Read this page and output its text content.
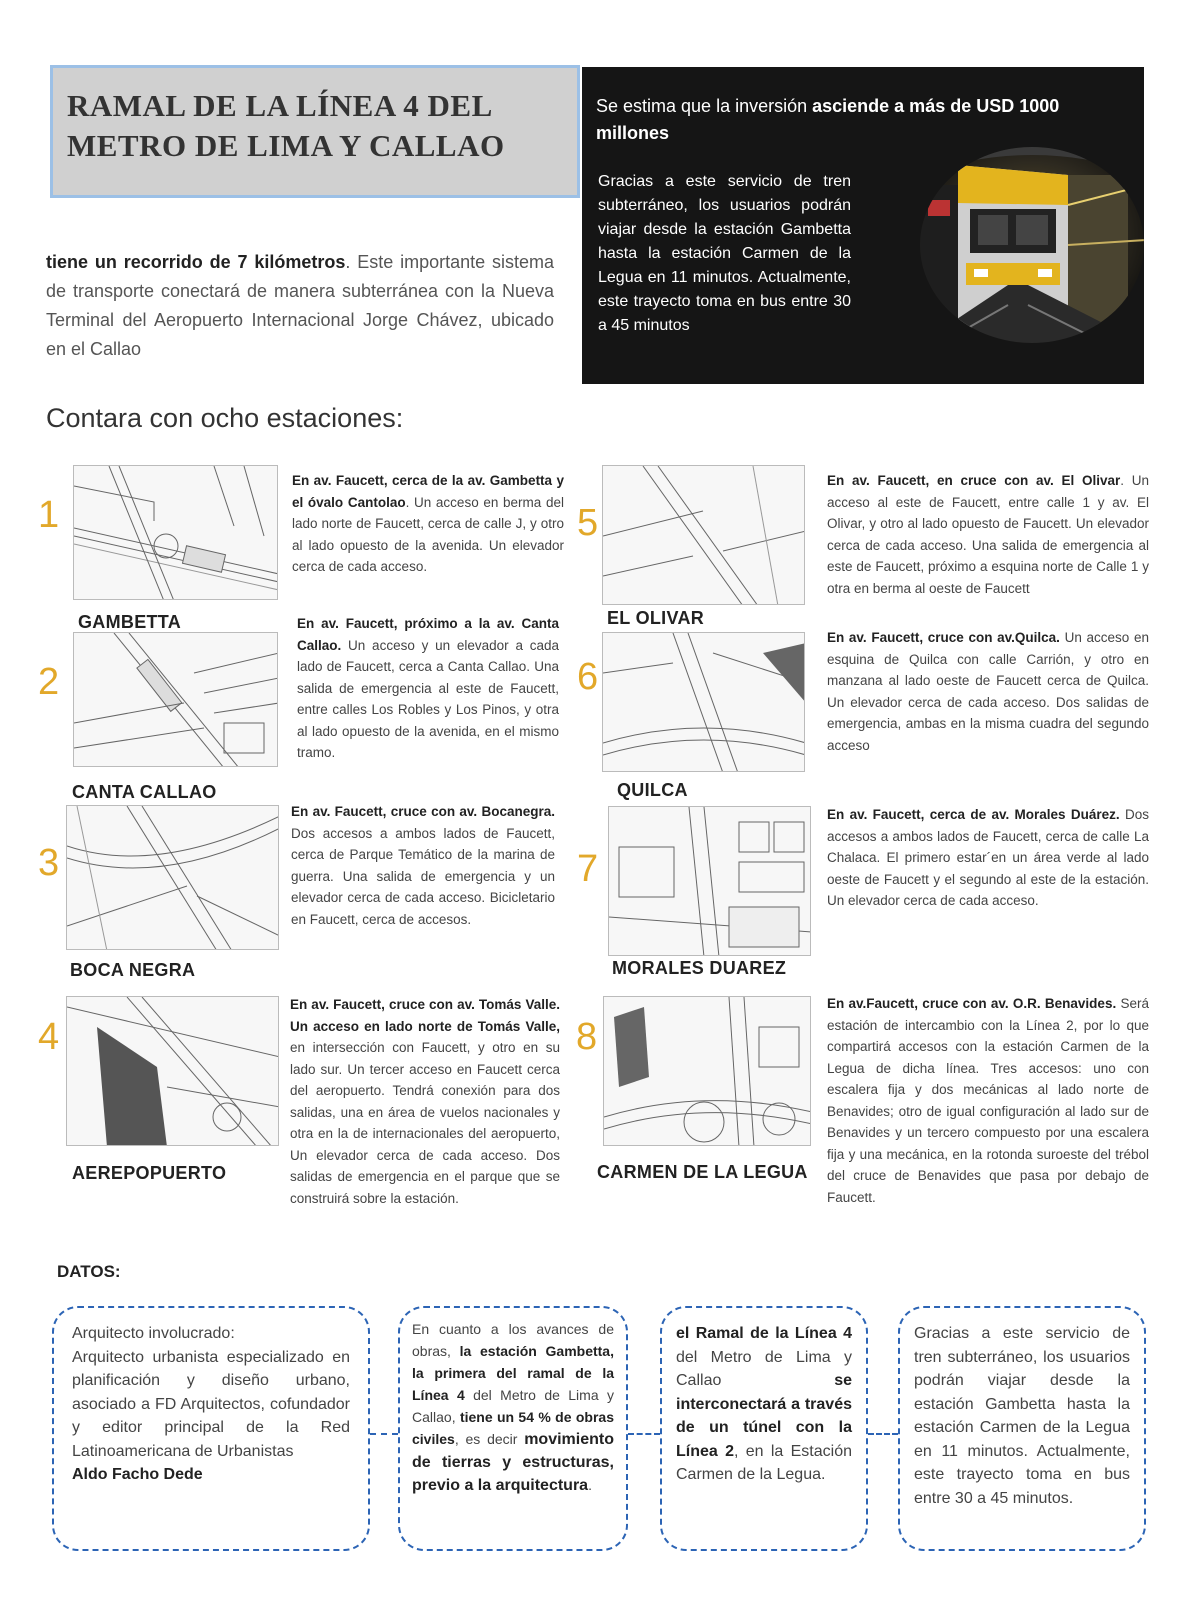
RAMAL DE LA LÍNEA 4 DEL METRO DE LIMA Y CALLAO
Se estima que la inversión asciende a más de USD 1000 millones
Gracias a este servicio de tren subterráneo, los usuarios podrán viajar desde la estación Gambetta hasta la estación Carmen de la Legua en 11 minutos. Actualmente, este trayecto toma en bus entre 30 a 45 minutos
tiene un recorrido de 7 kilómetros. Este importante sistema de transporte conectará de manera subterránea con la Nueva Terminal del Aeropuerto Internacional Jorge Chávez, ubicado en el Callao
Contara con ocho estaciones:
1
GAMBETTA
En av. Faucett, cerca de la av. Gambetta y el óvalo Cantolao. Un acceso en berma del lado norte de Faucett, cerca de calle J, y otro al lado opuesto de la avenida. Un elevador cerca de cada acceso.
2
CANTA CALLAO
En av. Faucett, próximo a la av. Canta Callao. Un acceso y un elevador a cada lado de Faucett, cerca a Canta Callao. Una salida de emergencia al este de Faucett, entre calles Los Robles y Los Pinos, y otra al lado opuesto de la avenida, en el mismo tramo.
3
BOCA NEGRA
En av. Faucett, cruce con av. Bocanegra. Dos accesos a ambos lados de Faucett, cerca de Parque Temático de la marina de guerra. Una salida de emergencia y un elevador cerca de cada acceso. Bicicletario en Faucett, cerca de accesos.
4
AEREPOPUERTO
En av. Faucett, cruce con av. Tomás Valle. Un acceso en lado norte de Tomás Valle, en intersección con Faucett, y otro en su lado sur. Un tercer acceso en Faucett cerca del aeropuerto. Tendrá conexión para dos salidas, una en área de vuelos nacionales y otra en la de internacionales del aeropuerto, Un elevador cerca de cada acceso. Dos salidas de emergencia en el parque que se construirá sobre la estación.
5
EL OLIVAR
En av. Faucett, en cruce con av. El Olivar. Un acceso al este de Faucett, entre calle 1 y av. El Olivar, y otro al lado opuesto de Faucett. Un elevador cerca de cada acceso. Una salida de emergencia al este de Faucett, próximo a esquina norte de Calle 1 y otra en berma al oeste de Faucett
6
QUILCA
En av. Faucett, cruce con av.Quilca. Un acceso en esquina de Quilca con calle Carrión, y otro en manzana al lado oeste de Faucett cerca de Quilca. Un elevador cerca de cada acceso. Dos salidas de emergencia, ambas en la misma cuadra del segundo acceso
7
MORALES DUAREZ
En av. Faucett, cerca de av. Morales Duárez. Dos accesos a ambos lados de Faucett, cerca de calle La Chalaca. El primero estar´en un área verde al lado oeste de Faucett y el segundo al este de la estación. Un elevador cerca de cada acceso.
8
CARMEN DE LA LEGUA
En av.Faucett, cruce con av. O.R. Benavides. Será estación de intercambio con la Línea 2, por lo que compartirá accesos con la estación Carmen de la Legua de dicha línea. Tres accesos: uno con escalera fija y dos mecánicas al lado norte de Benavides; otro de igual configuración al lado sur de Benavides y un tercero compuesto por una escalera fija y una mecánica, en la rotonda suroeste del trébol del cruce de Benavides que pasa por debajo de Faucett.
DATOS:
Arquitecto involucrado:
Arquitecto urbanista especializado en planificación y diseño urbano, asociado a FD Arquitectos, cofundador y editor principal de la Red Latinoamericana de Urbanistas
Aldo Facho Dede
En cuanto a los avances de obras, la estación Gambetta, la primera del ramal de la Línea 4 del Metro de Lima y Callao, tiene un 54 % de obras civiles, es decir movimiento de tierras y estructuras, previo a la arquitectura.
el Ramal de la Línea 4 del Metro de Lima y Callao se interconectará a través de un túnel con la Línea 2, en la Estación Carmen de la Legua.
Gracias a este servicio de tren subterráneo, los usuarios podrán viajar desde la estación Gambetta hasta la estación Carmen de la Legua en 11 minutos. Actualmente, este trayecto toma en bus entre 30 a 45 minutos.
